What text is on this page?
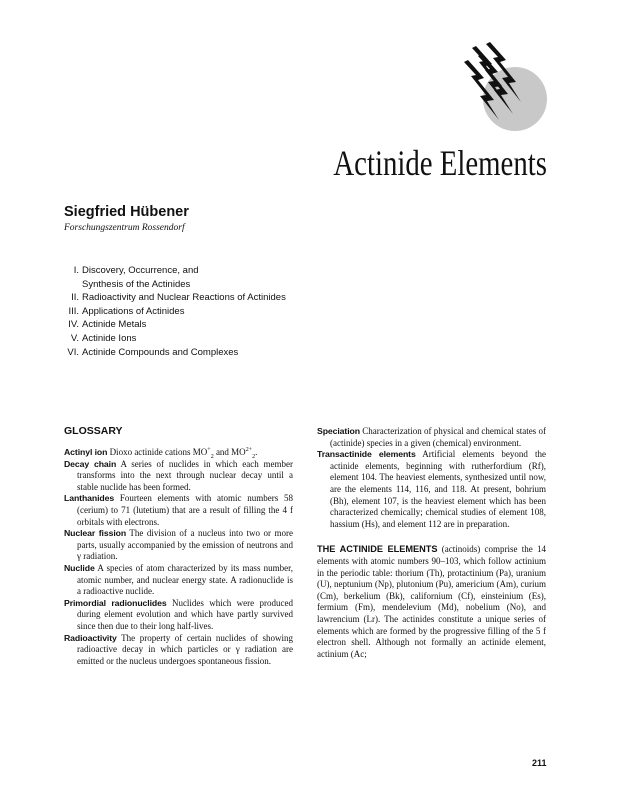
Actinide Elements
Siegfried Hübener
Forschungszentrum Rossendorf
I. Discovery, Occurrence, and
Synthesis of the Actinides
II. Radioactivity and Nuclear Reactions of Actinides
III. Applications of Actinides
IV. Actinide Metals
V. Actinide Ions
VI. Actinide Compounds and Complexes
GLOSSARY

Actinyl ion Dioxo actinide cations $MO^+_2$ and $MO^{2+}_2$.

Decay chain A series of nuclides in which each member transforms into the next through nuclear decay until a stable nuclide has been formed.

Lanthanides Fourteen elements with atomic numbers 58 (cerium) to 71 (lutetium) that are a result of filling the 4 f orbitals with electrons.

Nuclear fission The division of a nucleus into two or more parts, usually accompanied by the emission of neutrons and γ radiation.

Nuclide A species of atom characterized by its mass number, atomic number, and nuclear energy state. A radionuclide is a radioactive nuclide.

Primordial radionuclides Nuclides which were produced during element evolution and which have partly survived since then due to their long half-lives.

Radioactivity The property of certain nuclides of showing radioactive decay in which particles or γ radiation are emitted or the nucleus undergoes spontaneous fission.

Speciation Characterization of physical and chemical states of (actinide) species in a given (chemical) environment.

Transactinide elements Artificial elements beyond the actinide elements, beginning with rutherfordium (Rf), element 104. The heaviest elements, synthesized until now, are the elements 114, 116, and 118. At present, bohrium (Bh), element 107, is the heaviest element which has been characterized chemically; chemical studies of element 108, hassium (Hs), and element 112 are in preparation.

THE ACTINIDE ELEMENTS (actinoids) comprise the 14 elements with atomic numbers 90–103, which follow actinium in the periodic table: thorium (Th), protactinium (Pa), uranium (U), neptunium (Np), plutonium (Pu), americium (Am), curium (Cm), berkelium (Bk), californium (Cf), einsteinium (Es), fermium (Fm), mendelevium (Md), nobelium (No), and lawrencium (Lr). The actinides constitute a unique series of elements which are formed by the progressive filling of the 5 f electron shell. Although not formally an actinide element, actinium (Ac;

211
